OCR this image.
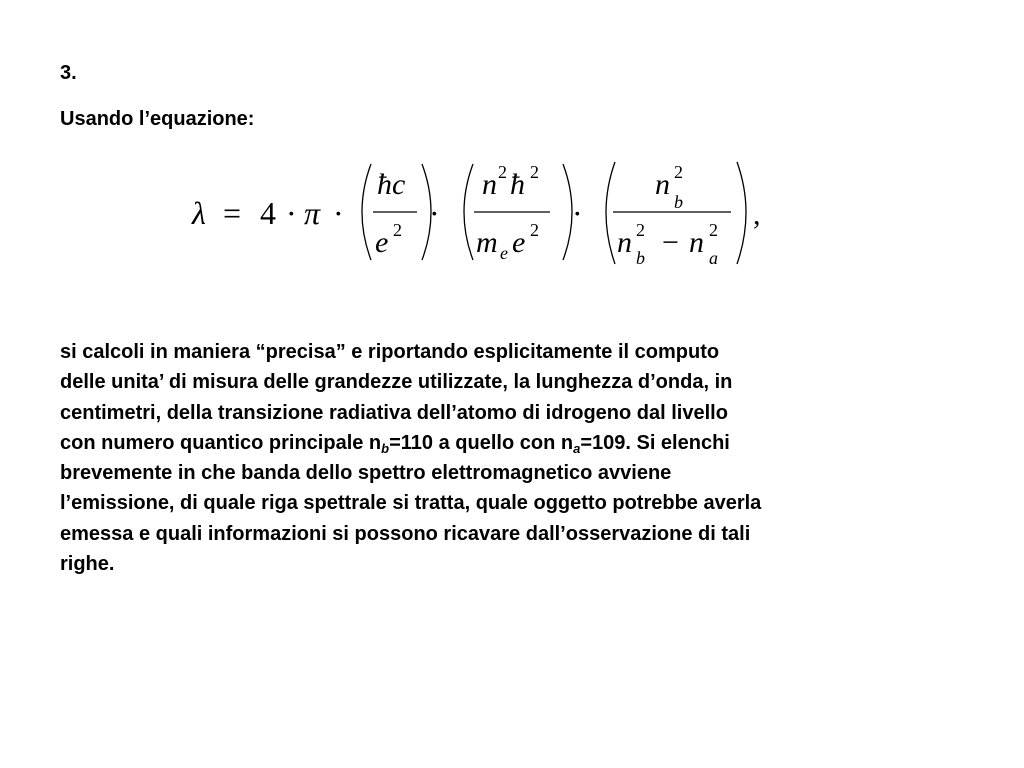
3.

Usando l’equazione:

λ = 4 · π ·
ħc
e 2 ·
n 2 ħ 2
m e e 2 ·
n 2
b
n 2
b − n 2
a
,

si calcoli in maniera “precisa” e riportando esplicitamente il computo
delle unita’ di misura delle grandezze utilizzate, la lunghezza d’onda, in
centimetri, della transizione radiativa dell’atomo di idrogeno dal livello
con numero quantico principale $n_b=110$ a quello con $n_a=109$. Si elenchi
brevemente in che banda dello spettro elettromagnetico avviene
l’emissione, di quale riga spettrale si tratta, quale oggetto potrebbe averla
emessa e quali informazioni si possono ricavare dall’osservazione di tali
righe.
